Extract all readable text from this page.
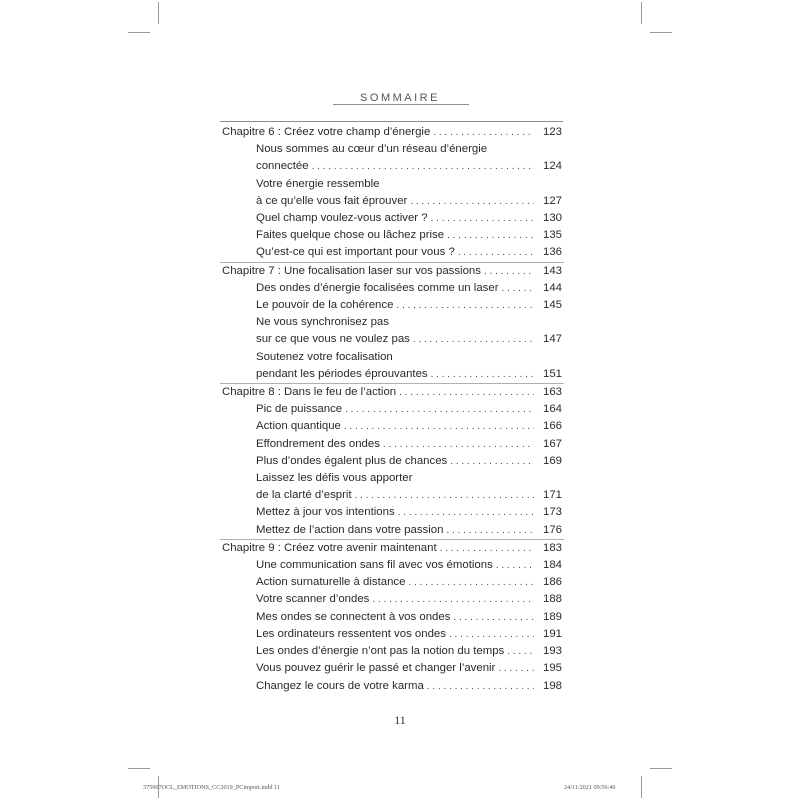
SOMMAIRE
Chapitre 6 : Créez votre champ d’énergie . . .	123
Nous sommes au cœur d’un réseau d’énergie
connectée . . .	124
Votre énergie ressemble
à ce qu’elle vous fait éprouver . . .	127
Quel champ voulez-vous activer ? . . .	130
Faites quelque chose ou lâchez prise . . .	135
Qu’est-ce qui est important pour vous ? . . .	136
Chapitre 7 : Une focalisation laser sur vos passions . . .	143
Des ondes d’énergie focalisées comme un laser . . .	144
Le pouvoir de la cohérence . . .	145
Ne vous synchronisez pas
sur ce que vous ne voulez pas . . .	147
Soutenez votre focalisation
pendant les périodes éprouvantes . . .	151
Chapitre 8 : Dans le feu de l’action . . .	163
Pic de puissance . . .	164
Action quantique . . .	166
Effondrement des ondes . . .	167
Plus d’ondes égalent plus de chances . . .	169
Laissez les défis vous apporter
de la clarté d’esprit . . .	171
Mettez à jour vos intentions . . .	173
Mettez de l’action dans votre passion . . .	176
Chapitre 9 : Créez votre avenir maintenant . . .	183
Une communication sans fil avec vos émotions . . .	184
Action surnaturelle à distance . . .	186
Votre scanner d’ondes . . .	188
Mes ondes se connectent à vos ondes . . .	189
Les ordinateurs ressentent vos ondes . . .	191
Les ondes d’énergie n’ont pas la notion du temps . . .	193
Vous pouvez guérir le passé et changer l’avenir . . .	195
Changez le cours de votre karma . . .	198
11
375967OCL_EMOTIONS_CC2019_PCimport.indd 11	24/11/2021 09:56:40
